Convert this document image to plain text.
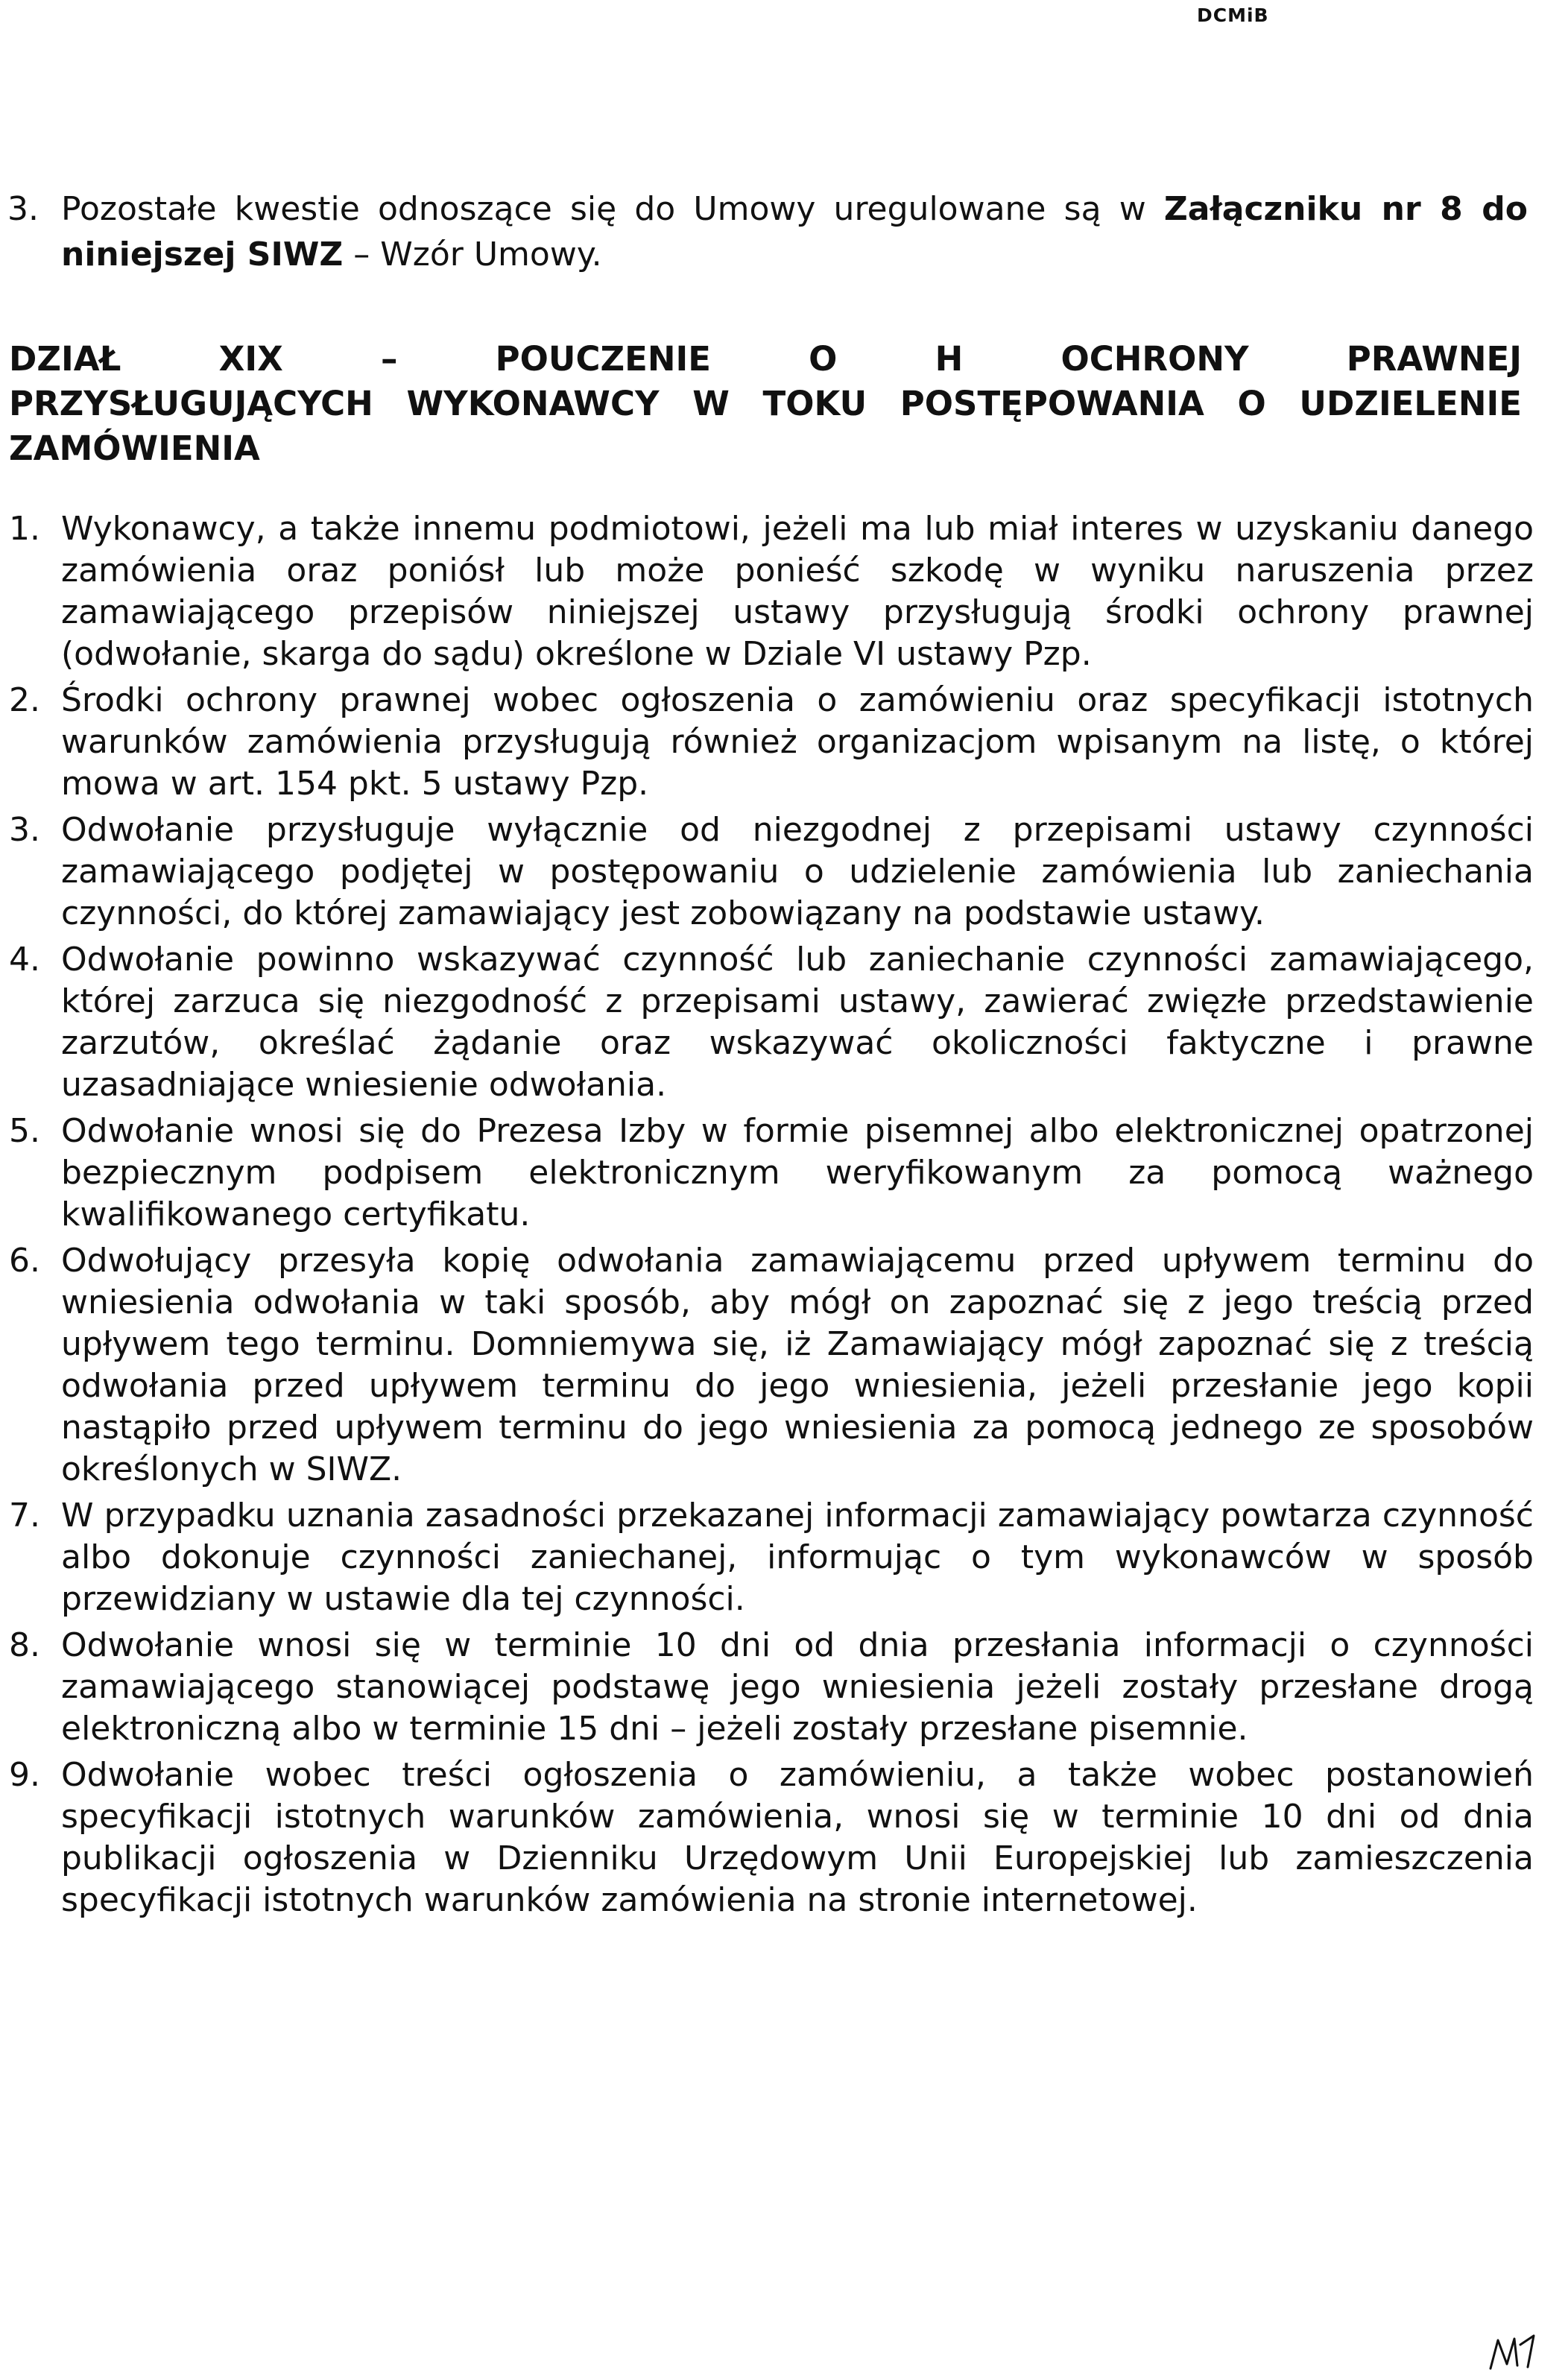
DCMiB
3. Pozostałe kwestie odnoszące się do Umowy uregulowane są w Załączniku nr 8 do niniejszej SIWZ – Wzór Umowy.
DZIAŁ XIX – POUCZENIE O H OCHRONY PRAWNEJ
PRZYSŁUGUJĄCYCH WYKONAWCY W TOKU POSTĘPOWANIA O UDZIELENIE
ZAMÓWIENIA
1. Wykonawcy, a także innemu podmiotowi, jeżeli ma lub miał interes w uzyskaniu danego zamówienia oraz poniósł lub może ponieść szkodę w wyniku naruszenia przez zamawiającego przepisów niniejszej ustawy przysługują środki ochrony prawnej (odwołanie, skarga do sądu) określone w Dziale VI ustawy Pzp.
2. Środki ochrony prawnej wobec ogłoszenia o zamówieniu oraz specyfikacji istotnych warunków zamówienia przysługują również organizacjom wpisanym na listę, o której mowa w art. 154 pkt. 5 ustawy Pzp.
3. Odwołanie przysługuje wyłącznie od niezgodnej z przepisami ustawy czynności zamawiającego podjętej w postępowaniu o udzielenie zamówienia lub zaniechania czynności, do której zamawiający jest zobowiązany na podstawie ustawy.
4. Odwołanie powinno wskazywać czynność lub zaniechanie czynności zamawiającego, której zarzuca się niezgodność z przepisami ustawy, zawierać zwięzłe przedstawienie zarzutów, określać żądanie oraz wskazywać okoliczności faktyczne i prawne uzasadniające wniesienie odwołania.
5. Odwołanie wnosi się do Prezesa Izby w formie pisemnej albo elektronicznej opatrzonej bezpiecznym podpisem elektronicznym weryfikowanym za pomocą ważnego kwalifikowanego certyfikatu.
6. Odwołujący przesyła kopię odwołania zamawiającemu przed upływem terminu do wniesienia odwołania w taki sposób, aby mógł on zapoznać się z jego treścią przed upływem tego terminu. Domniemywa się, iż Zamawiający mógł zapoznać się z treścią odwołania przed upływem terminu do jego wniesienia, jeżeli przesłanie jego kopii nastąpiło przed upływem terminu do jego wniesienia za pomocą jednego ze sposobów określonych w SIWZ.
7. W przypadku uznania zasadności przekazanej informacji zamawiający powtarza czynność albo dokonuje czynności zaniechanej, informując o tym wykonawców w sposób przewidziany w ustawie dla tej czynności.
8. Odwołanie wnosi się w terminie 10 dni od dnia przesłania informacji o czynności zamawiającego stanowiącej podstawę jego wniesienia jeżeli zostały przesłane drogą elektroniczną albo w terminie 15 dni – jeżeli zostały przesłane pisemnie.
9. Odwołanie wobec treści ogłoszenia o zamówieniu, a także wobec postanowień specyfikacji istotnych warunków zamówienia, wnosi się w terminie 10 dni od dnia publikacji ogłoszenia w Dzienniku Urzędowym Unii Europejskiej lub zamieszczenia specyfikacji istotnych warunków zamówienia na stronie internetowej.
